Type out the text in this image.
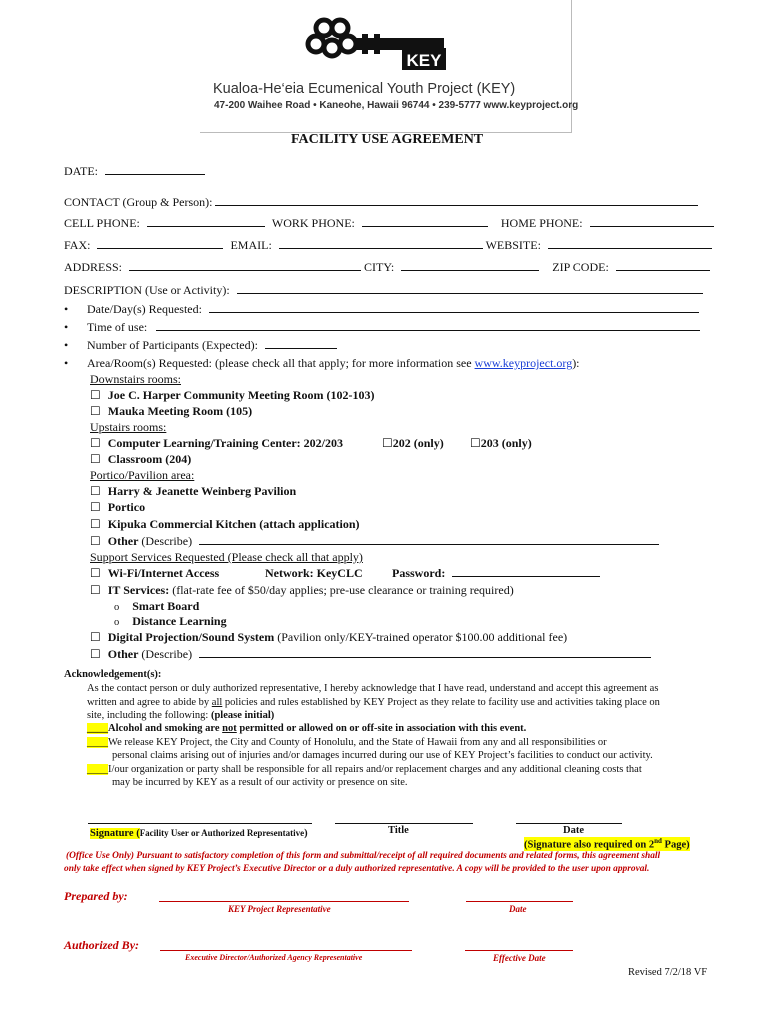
KEY
Kualoa-He‘eia Ecumenical Youth Project (KEY)
47-200 Waihee Road • Kaneohe, Hawaii 96744 • 239-5777 www.keyproject.org
FACILITY USE AGREEMENT
DATE:
CONTACT (Group & Person):
CELL PHONE:	WORK PHONE:	HOME PHONE:
FAX:	EMAIL:	WEBSITE:
ADDRESS:	CITY:	ZIP CODE:
DESCRIPTION (Use or Activity):
• Date/Day(s) Requested:
• Time of use:
• Number of Participants (Expected):
• Area/Room(s) Requested: (please check all that apply; for more information see www.keyproject.org):
Downstairs rooms:
☐ Joe C. Harper Community Meeting Room (102-103)
☐ Mauka Meeting Room (105)
Upstairs rooms:
☐ Computer Learning/Training Center: 202/203	☐202 (only) ☐203 (only)
☐ Classroom (204)
Portico/Pavilion area:
☐ Harry & Jeanette Weinberg Pavilion
☐ Portico
☐ Kipuka Commercial Kitchen (attach application)
☐ Other (Describe)
Support Services Requested (Please check all that apply)
☐ Wi-Fi/Internet Access	Network: KeyCLC Password:
☐ IT Services: (flat-rate fee of $50/day applies; pre-use clearance or training required)
o Smart Board
o Distance Learning
☐ Digital Projection/Sound System (Pavilion only/KEY-trained operator $100.00 additional fee)
☐ Other (Describe)
Acknowledgement(s):
As the contact person or duly authorized representative, I hereby acknowledge that I have read, understand and accept this agreement as
written and agree to abide by all policies and rules established by KEY Project as they relate to facility use and activities taking place on
site, including the following: (please initial)
____Alcohol and smoking are not permitted or allowed on or off-site in association with this event.
____We release KEY Project, the City and County of Honolulu, and the State of Hawaii from any and all responsibilities or
personal claims arising out of injuries and/or damages incurred during our use of KEY Project’s facilities to conduct our activity.
____I/our organization or party shall be responsible for all repairs and/or replacement charges and any additional cleaning costs that
may be incurred by KEY as a result of our activity or presence on site.
Signature (Facility User or Authorized Representative)	Title	Date
(Signature also required on 2nd Page)
(Office Use Only) Pursuant to satisfactory completion of this form and submittal/receipt of all required documents and related forms, this agreement shall
only take effect when signed by KEY Project’s Executive Director or a duly authorized representative. A copy will be provided to the user upon approval.
Prepared by:
KEY Project Representative	Date
Authorized By:
Executive Director/Authorized Agency Representative	Effective Date
Revised 7/2/18 VF
